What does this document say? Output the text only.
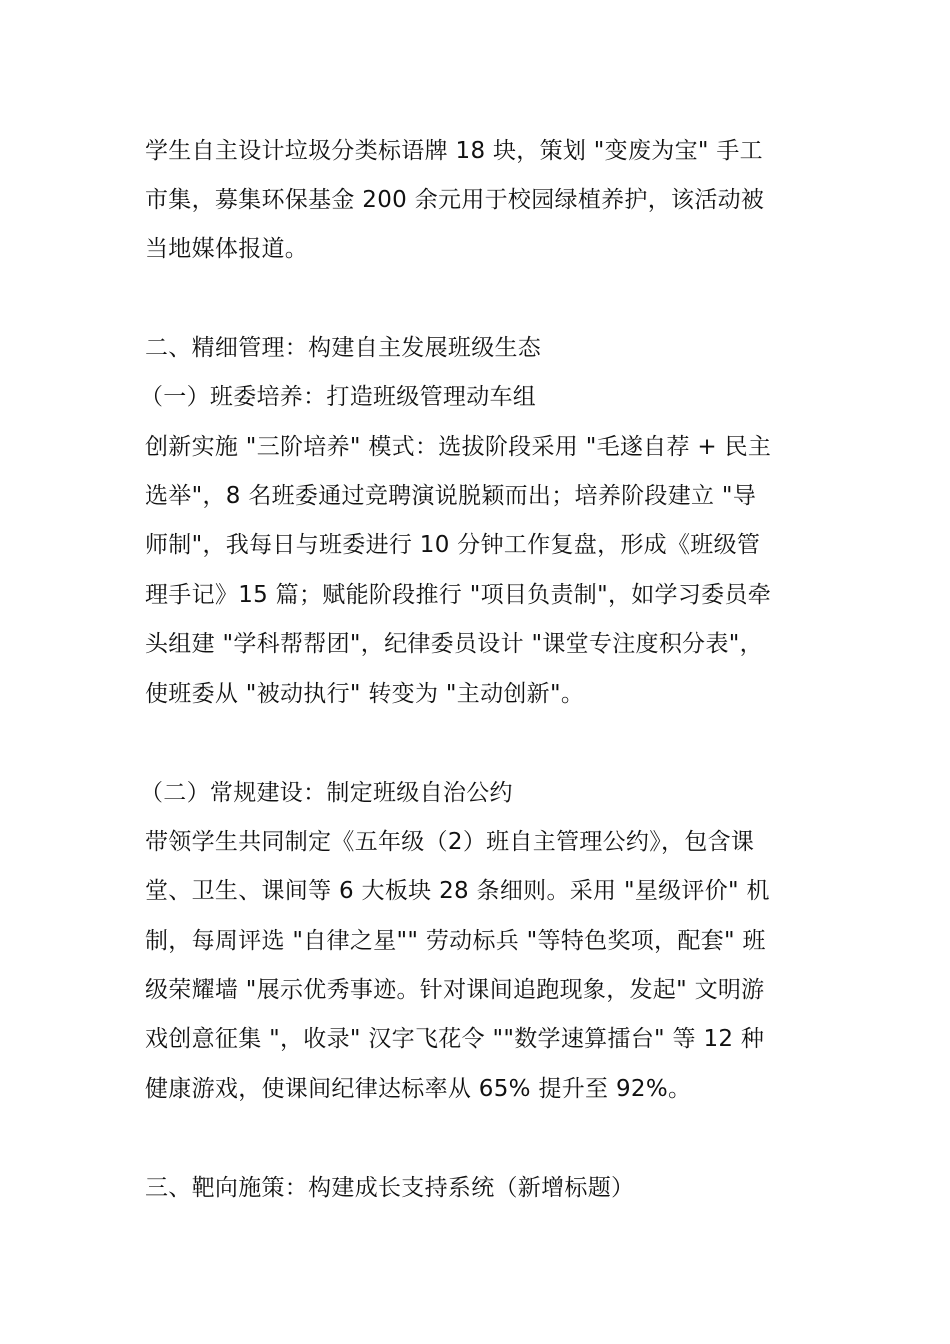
学生自主设计垃圾分类标语牌 18 块，策划 "变废为宝" 手工
市集，募集环保基金 200 余元用于校园绿植养护，该活动被
当地媒体报道。
二、精细管理：构建自主发展班级生态
（一）班委培养：打造班级管理动车组
创新实施 "三阶培养" 模式：选拔阶段采用 "毛遂自荐 + 民主
选举"，8 名班委通过竞聘演说脱颖而出；培养阶段建立 "导
师制"，我每日与班委进行 10 分钟工作复盘，形成《班级管
理手记》15 篇；赋能阶段推行 "项目负责制"，如学习委员牵
头组建 "学科帮帮团"，纪律委员设计 "课堂专注度积分表"，
使班委从 "被动执行" 转变为 "主动创新"。
（二）常规建设：制定班级自治公约
带领学生共同制定《五年级（2）班自主管理公约》，包含课
堂、卫生、课间等 6 大板块 28 条细则。采用 "星级评价" 机
制，每周评选 "自律之星"" 劳动标兵 "等特色奖项，配套" 班
级荣耀墙 "展示优秀事迹。针对课间追跑现象，发起" 文明游
戏创意征集 "，收录" 汉字飞花令 ""数学速算擂台" 等 12 种
健康游戏，使课间纪律达标率从 65% 提升至 92%。
三、靶向施策：构建成长支持系统（新增标题）
